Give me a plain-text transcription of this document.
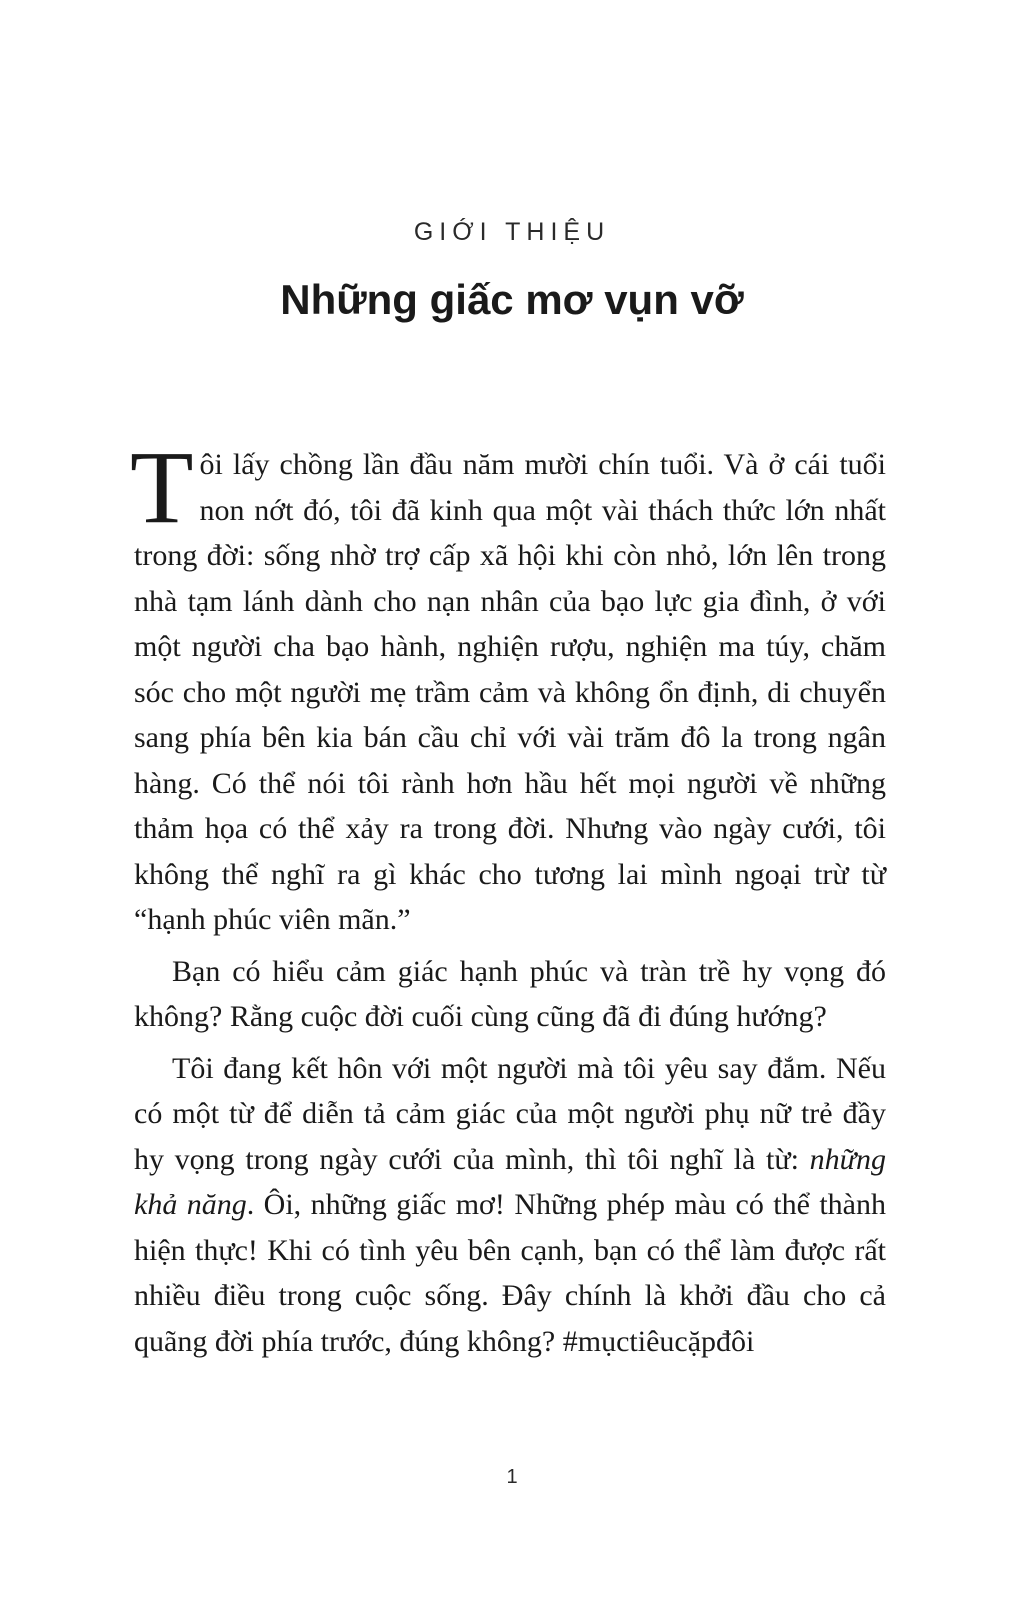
GIỚI THIỆU
Những giấc mơ vụn vỡ

Tôi lấy chồng lần đầu năm mười chín tuổi. Và ở cái tuổi non nớt đó, tôi đã kinh qua một vài thách thức lớn nhất trong đời: sống nhờ trợ cấp xã hội khi còn nhỏ, lớn lên trong nhà tạm lánh dành cho nạn nhân của bạo lực gia đình, ở với một người cha bạo hành, nghiện rượu, nghiện ma túy, chăm sóc cho một người mẹ trầm cảm và không ổn định, di chuyển sang phía bên kia bán cầu chỉ với vài trăm đô la trong ngân hàng. Có thể nói tôi rành hơn hầu hết mọi người về những thảm họa có thể xảy ra trong đời. Nhưng vào ngày cưới, tôi không thể nghĩ ra gì khác cho tương lai mình ngoại trừ từ “hạnh phúc viên mãn.”

Bạn có hiểu cảm giác hạnh phúc và tràn trề hy vọng đó không? Rằng cuộc đời cuối cùng cũng đã đi đúng hướng?

Tôi đang kết hôn với một người mà tôi yêu say đắm. Nếu có một từ để diễn tả cảm giác của một người phụ nữ trẻ đầy hy vọng trong ngày cưới của mình, thì tôi nghĩ là từ: những khả năng. Ôi, những giấc mơ! Những phép màu có thể thành hiện thực! Khi có tình yêu bên cạnh, bạn có thể làm được rất nhiều điều trong cuộc sống. Đây chính là khởi đầu cho cả quãng đời phía trước, đúng không? #mụctiêucặpđôi

1
